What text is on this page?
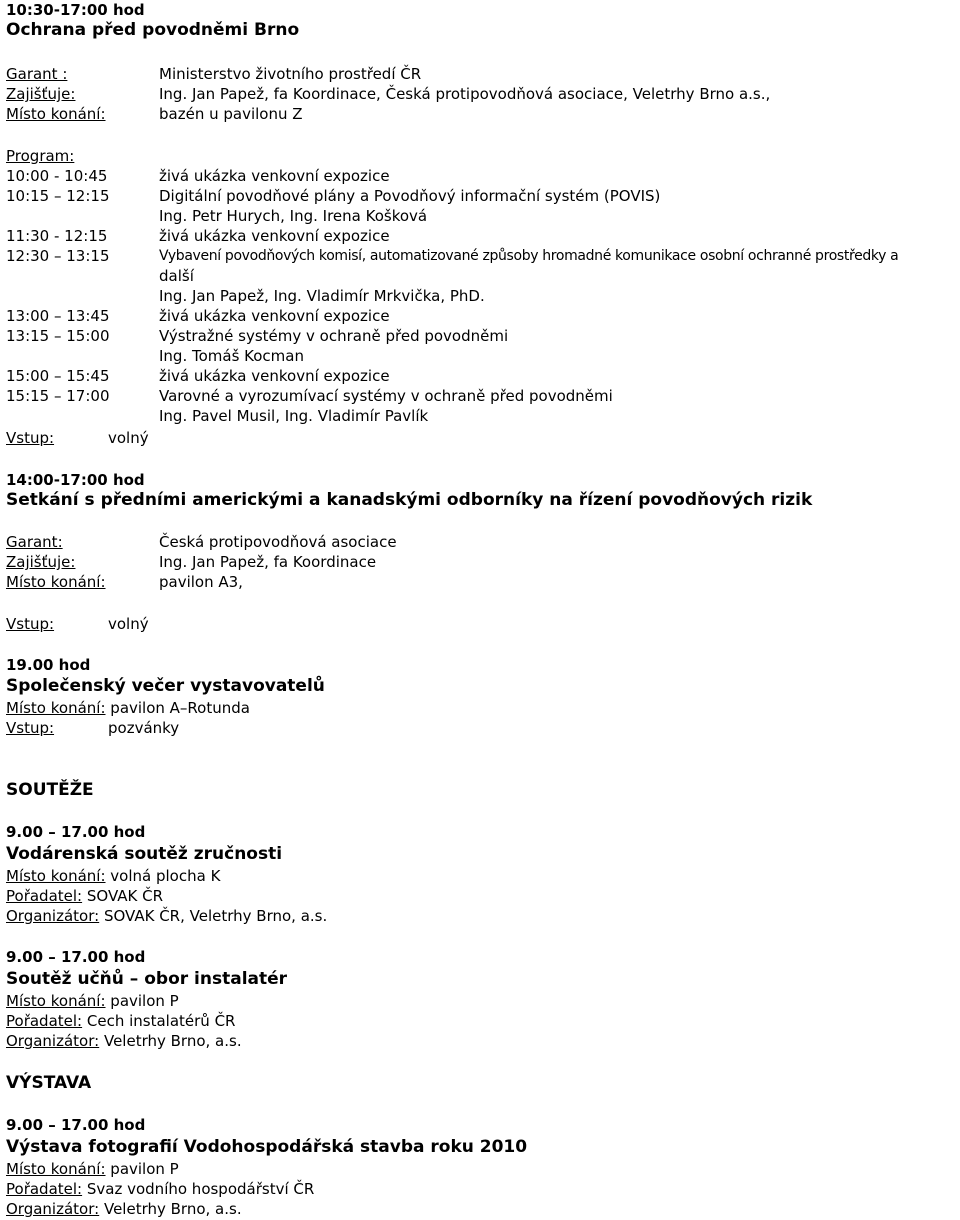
10:30-17:00 hod
Ochrana před povodněmi Brno
Garant :	Ministerstvo životního prostředí ČR
Zajišťuje:	Ing. Jan Papež, fa Koordinace, Česká protipovodňová asociace, Veletrhy Brno a.s.,
Místo konání:	bazén u pavilonu Z
Program:
10:00 - 10:45	živá ukázka venkovní expozice
10:15 – 12:15	Digitální povodňové plány a Povodňový informační systém (POVIS)
Ing. Petr Hurych, Ing. Irena Košková
11:30 - 12:15	živá ukázka venkovní expozice
12:30 – 13:15	Vybavení povodňových komisí, automatizované způsoby hromadné komunikace osobní ochranné prostředky a
další
Ing. Jan Papež, Ing. Vladimír Mrkvička, PhD.
13:00 – 13:45	živá ukázka venkovní expozice
13:15 – 15:00	Výstražné systémy v ochraně před povodněmi
Ing. Tomáš Kocman
15:00 – 15:45	živá ukázka venkovní expozice
15:15 – 17:00	Varovné a vyrozumívací systémy v ochraně před povodněmi
Ing. Pavel Musil, Ing. Vladimír Pavlík
Vstup:	volný
14:00-17:00 hod
Setkání s předními americkými a kanadskými odborníky na řízení povodňových rizik
Garant:	Česká protipovodňová asociace
Zajišťuje:	Ing. Jan Papež, fa Koordinace
Místo konání:	pavilon A3,
Vstup:	volný
19.00 hod
Společenský večer vystavovatelů
Místo konání: pavilon A–Rotunda
Vstup:	pozvánky
SOUTĚŽE
9.00 – 17.00 hod
Vodárenská soutěž zručnosti
Místo konání: volná plocha K
Pořadatel: SOVAK ČR
Organizátor: SOVAK ČR, Veletrhy Brno, a.s.
9.00 – 17.00 hod
Soutěž učňů – obor instalatér
Místo konání: pavilon P
Pořadatel: Cech instalatérů ČR
Organizátor: Veletrhy Brno, a.s.
VÝSTAVA
9.00 – 17.00 hod
Výstava fotografií Vodohospodářská stavba roku 2010
Místo konání: pavilon P
Pořadatel: Svaz vodního hospodářství ČR
Organizátor: Veletrhy Brno, a.s.
